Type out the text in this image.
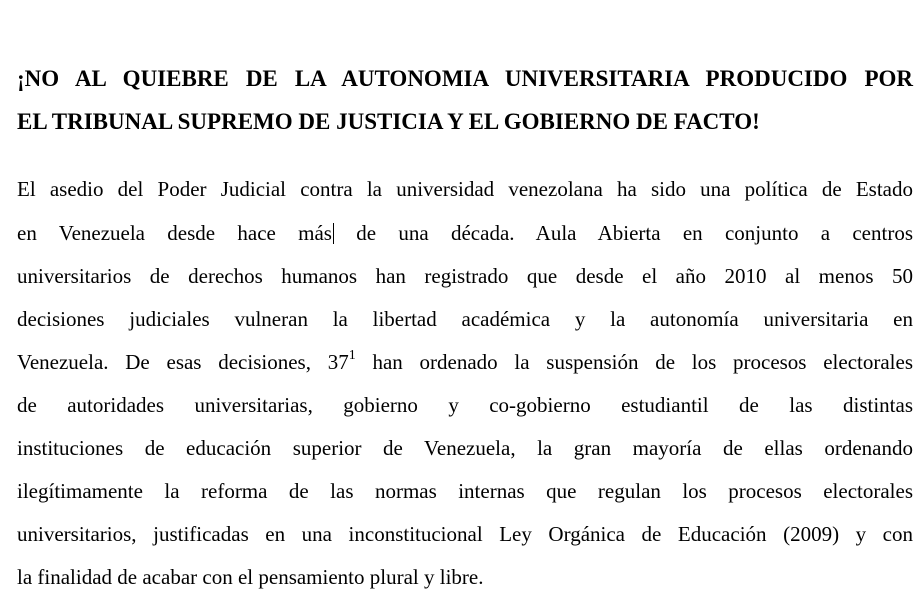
¡NO AL QUIEBRE DE LA AUTONOMIA UNIVERSITARIA PRODUCIDO POR
EL TRIBUNAL SUPREMO DE JUSTICIA Y EL GOBIERNO DE FACTO!

El asedio del Poder Judicial contra la universidad venezolana ha sido una política de Estado

en Venezuela desde hace más de una década. Aula Abierta en conjunto a centros

universitarios de derechos humanos han registrado que desde el año 2010 al menos 50

decisiones judiciales vulneran la libertad académica y la autonomía universitaria en

Venezuela. De esas decisiones, $37^1$ han ordenado la suspensión de los procesos electorales

de autoridades universitarias, gobierno y co-gobierno estudiantil de las distintas

instituciones de educación superior de Venezuela, la gran mayoría de ellas ordenando

ilegítimamente la reforma de las normas internas que regulan los procesos electorales

universitarios, justificadas en una inconstitucional Ley Orgánica de Educación (2009) y con

la finalidad de acabar con el pensamiento plural y libre.
